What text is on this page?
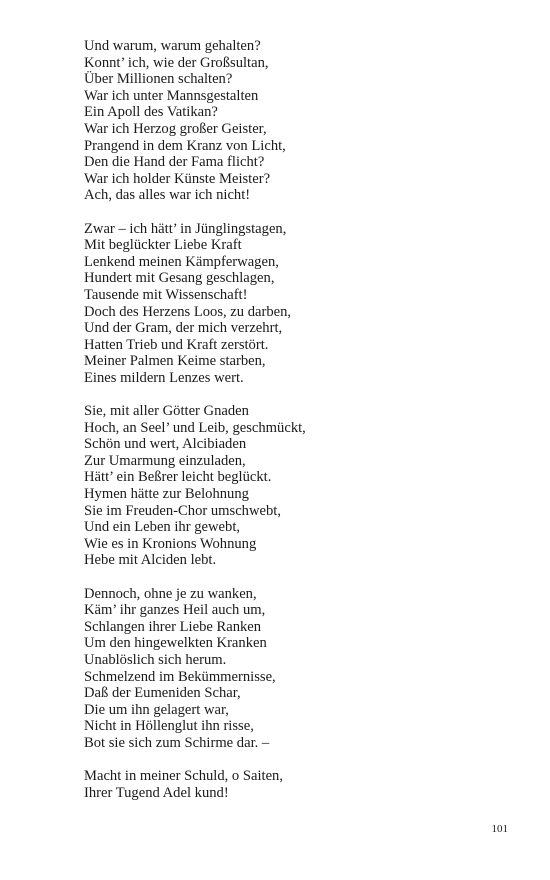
Und warum, warum gehalten?
Konnt’ ich, wie der Großsultan,
Über Millionen schalten?
War ich unter Mannsgestalten
Ein Apoll des Vatikan?
War ich Herzog großer Geister,
Prangend in dem Kranz von Licht,
Den die Hand der Fama flicht?
War ich holder Künste Meister?
Ach, das alles war ich nicht!
Zwar – ich hätt’ in Jünglingstagen,
Mit beglückter Liebe Kraft
Lenkend meinen Kämpferwagen,
Hundert mit Gesang geschlagen,
Tausende mit Wissenschaft!
Doch des Herzens Loos, zu darben,
Und der Gram, der mich verzehrt,
Hatten Trieb und Kraft zerstört.
Meiner Palmen Keime starben,
Eines mildern Lenzes wert.
Sie, mit aller Götter Gnaden
Hoch, an Seel’ und Leib, geschmückt,
Schön und wert, Alcibiaden
Zur Umarmung einzuladen,
Hätt’ ein Beßrer leicht beglückt.
Hymen hätte zur Belohnung
Sie im Freuden-Chor umschwebt,
Und ein Leben ihr gewebt,
Wie es in Kronions Wohnung
Hebe mit Alciden lebt.
Dennoch, ohne je zu wanken,
Käm’ ihr ganzes Heil auch um,
Schlangen ihrer Liebe Ranken
Um den hingewelkten Kranken
Unablöslich sich herum.
Schmelzend im Bekümmernisse,
Daß der Eumeniden Schar,
Die um ihn gelagert war,
Nicht in Höllenglut ihn risse,
Bot sie sich zum Schirme dar. –
Macht in meiner Schuld, o Saiten,
Ihrer Tugend Adel kund!
101
